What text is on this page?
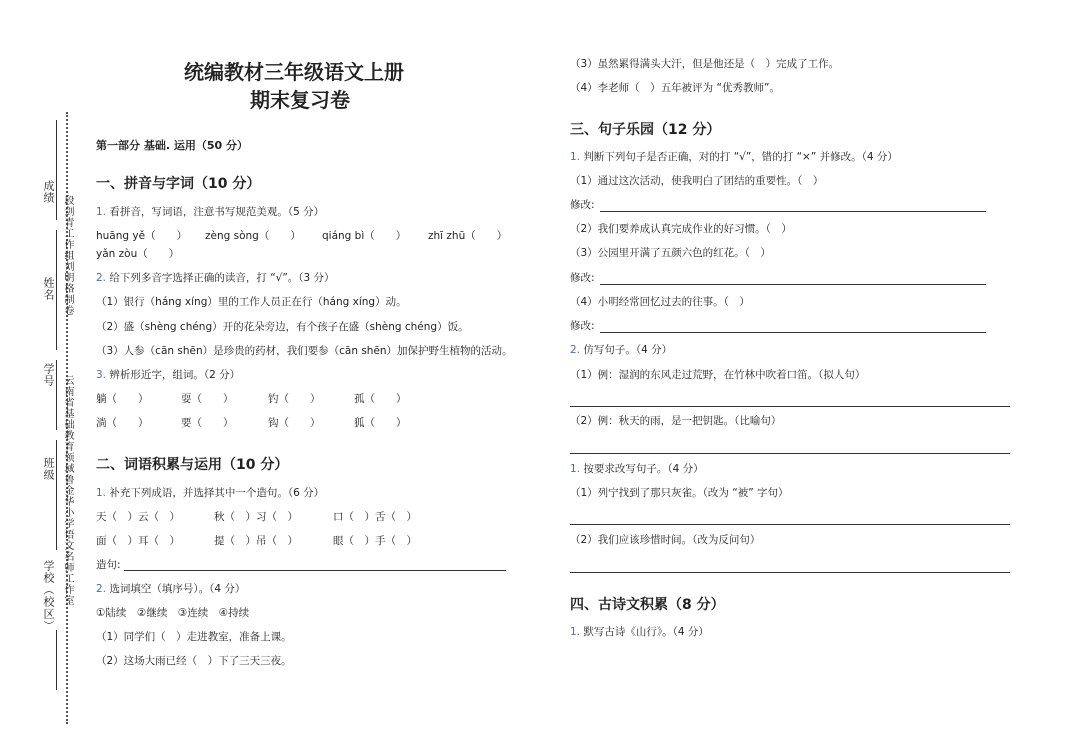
成绩
姓名
学号
班级
学校（校区）
段剑青工作组刘明格制卷
云南省基础教育领域鲁金华小学语文名师工作室
统编教材三年级语文上册
期末复习卷
第一部分 基础. 运用（50 分）
一、拼音与字词（10 分）
1. 看拼音，写词语，注意书写规范美观。（5 分）
huāng yě（　　） zèng sòng（　　） qiáng bì（　　） zhī zhū（　　）
yǎn zòu（　　）
2. 给下列多音字选择正确的读音，打 “√”。（3 分）
（1）银行（háng xíng）里的工作人员正在行（háng xíng）动。
（2）盛（shèng chéng）开的花朵旁边，有个孩子在盛（shèng chéng）饭。
（3）人参（cān shēn）是珍贵的药材，我们要参（cān shēn）加保护野生植物的活动。
3. 辨析形近字，组词。（2 分）
躺（　　）	耍（　　）	钓（　　）	孤（　　）
淌（　　）	要（　　）	钩（　　）	狐（　　）
二、词语积累与运用（10 分）
1. 补充下列成语，并选择其中一个造句。（6 分）
天（　）云（　）	秋（　）习（　）	口（　）舌（　）
面（　）耳（　）	提（　）吊（　）	眼（　）手（　）
造句:
2. 选词填空（填序号）。（4 分）
①陆续　②继续　③连续　④持续
（1）同学们（　）走进教室，准备上课。
（2）这场大雨已经（　）下了三天三夜。
（3）虽然累得满头大汗，但是他还是（　）完成了工作。
（4）李老师（　）五年被评为 “优秀教师”。
三、句子乐园（12 分）
1. 判断下列句子是否正确，对的打 “√”，错的打 “×” 并修改。（4 分）
（1）通过这次活动，使我明白了团结的重要性。（　）
修改:
（2）我们要养成认真完成作业的好习惯。（　）
（3）公园里开满了五颜六色的红花。（　）
修改:
（4）小明经常回忆过去的往事。（　）
修改:
2. 仿写句子。（4 分）
（1）例：湿润的东风走过荒野，在竹林中吹着口笛。（拟人句）
（2）例：秋天的雨，是一把钥匙。（比喻句）
1. 按要求改写句子。（4 分）
（1）列宁找到了那只灰雀。（改为 “被” 字句）
（2）我们应该珍惜时间。（改为反问句）
四、古诗文积累（8 分）
1. 默写古诗《山行》。（4 分）
